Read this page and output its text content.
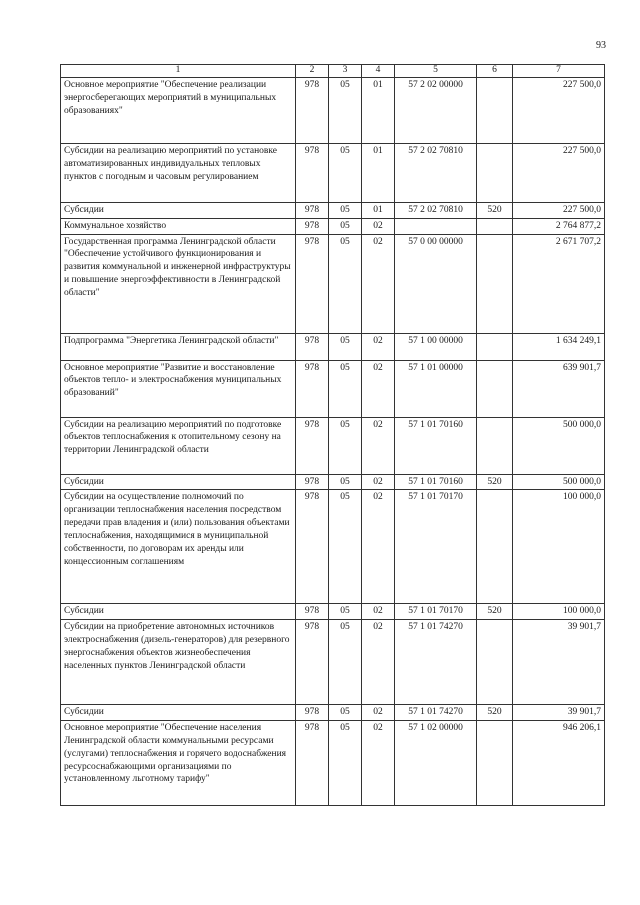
93
1	2	3	4	5	6	7
Основное мероприятие "Обеспечение реализации энергосберегающих мероприятий в муниципальных образованиях"	978	05	01	57 2 02 00000		227 500,0
Субсидии на реализацию мероприятий по установке автоматизированных индивидуальных тепловых пунктов с погодным и часовым регулированием	978	05	01	57 2 02 70810		227 500,0
Субсидии	978	05	01	57 2 02 70810	520	227 500,0
Коммунальное хозяйство	978	05	02			2 764 877,2
Государственная программа Ленинградской области "Обеспечение устойчивого функционирования и развития коммунальной и инженерной инфраструктуры и повышение энергоэффективности в Ленинградской области"	978	05	02	57 0 00 00000		2 671 707,2
Подпрограмма "Энергетика Ленинградской области"	978	05	02	57 1 00 00000		1 634 249,1
Основное мероприятие "Развитие и восстановление объектов тепло- и электроснабжения муниципальных образований"	978	05	02	57 1 01 00000		639 901,7
Субсидии на реализацию мероприятий по подготовке объектов теплоснабжения к отопительному сезону на территории Ленинградской области	978	05	02	57 1 01 70160		500 000,0
Субсидии	978	05	02	57 1 01 70160	520	500 000,0
Субсидии на осуществление полномочий по организации теплоснабжения населения посредством передачи прав владения и (или) пользования объектами теплоснабжения, находящимися в муниципальной собственности, по договорам их аренды или концессионным соглашениям	978	05	02	57 1 01 70170		100 000,0
Субсидии	978	05	02	57 1 01 70170	520	100 000,0
Субсидии на приобретение автономных источников электроснабжения (дизель-генераторов) для резервного энергоснабжения объектов жизнеобеспечения населенных пунктов Ленинградской области	978	05	02	57 1 01 74270		39 901,7
Субсидии	978	05	02	57 1 01 74270	520	39 901,7
Основное мероприятие "Обеспечение населения Ленинградской области коммунальными ресурсами (услугами) теплоснабжения и горячего водоснабжения ресурсоснабжающими организациями по установленному льготному тарифу"	978	05	02	57 1 02 00000		946 206,1
